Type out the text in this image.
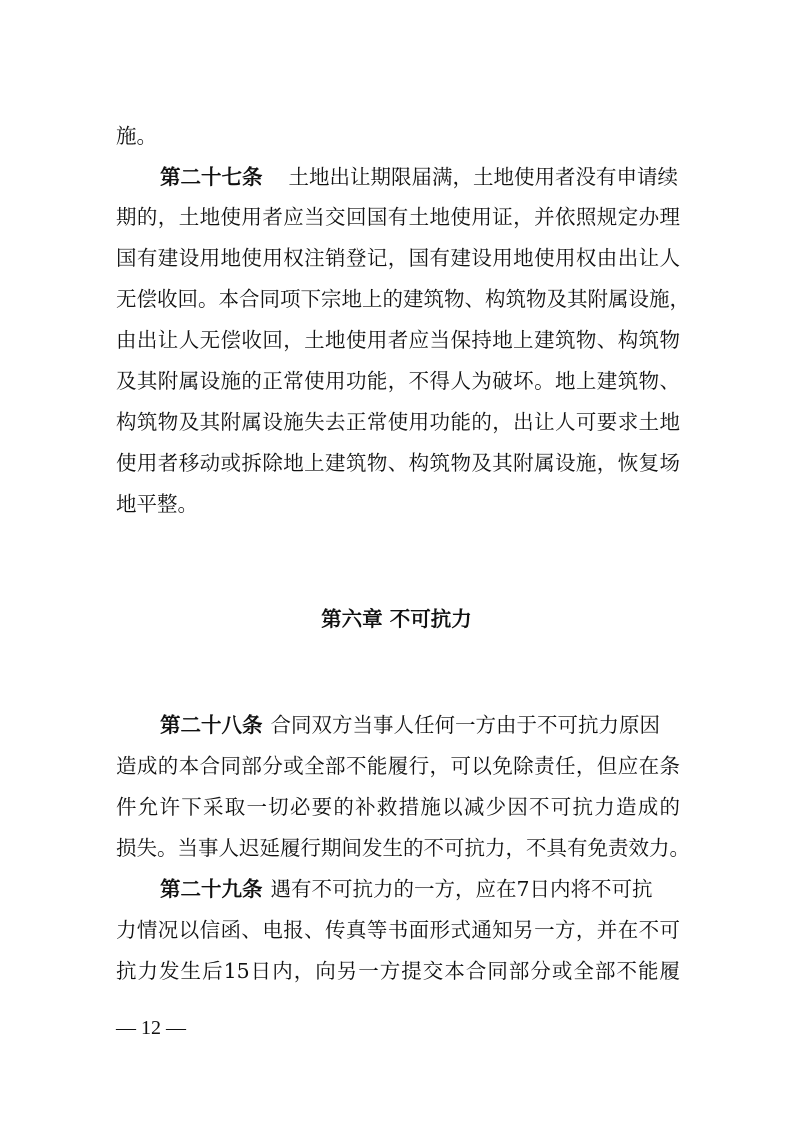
施。
第二十七条 土地出让期限届满，土地使用者没有申请续
期的，土地使用者应当交回国有土地使用证，并依照规定办理
国有建设用地使用权注销登记，国有建设用地使用权由出让人
无偿收回。本合同项下宗地上的建筑物、构筑物及其附属设施，
由出让人无偿收回，土地使用者应当保持地上建筑物、构筑物
及其附属设施的正常使用功能，不得人为破坏。地上建筑物、
构筑物及其附属设施失去正常使用功能的，出让人可要求土地
使用者移动或拆除地上建筑物、构筑物及其附属设施，恢复场
地平整。
第六章 不可抗力
第二十八条 合同双方当事人任何一方由于不可抗力原因
造成的本合同部分或全部不能履行，可以免除责任，但应在条
件允许下采取一切必要的补救措施以减少因不可抗力造成的
损失。当事人迟延履行期间发生的不可抗力，不具有免责效力。
第二十九条 遇有不可抗力的一方，应在7日内将不可抗
力情况以信函、电报、传真等书面形式通知另一方，并在不可
抗力发生后15日内，向另一方提交本合同部分或全部不能履
— 12 —
